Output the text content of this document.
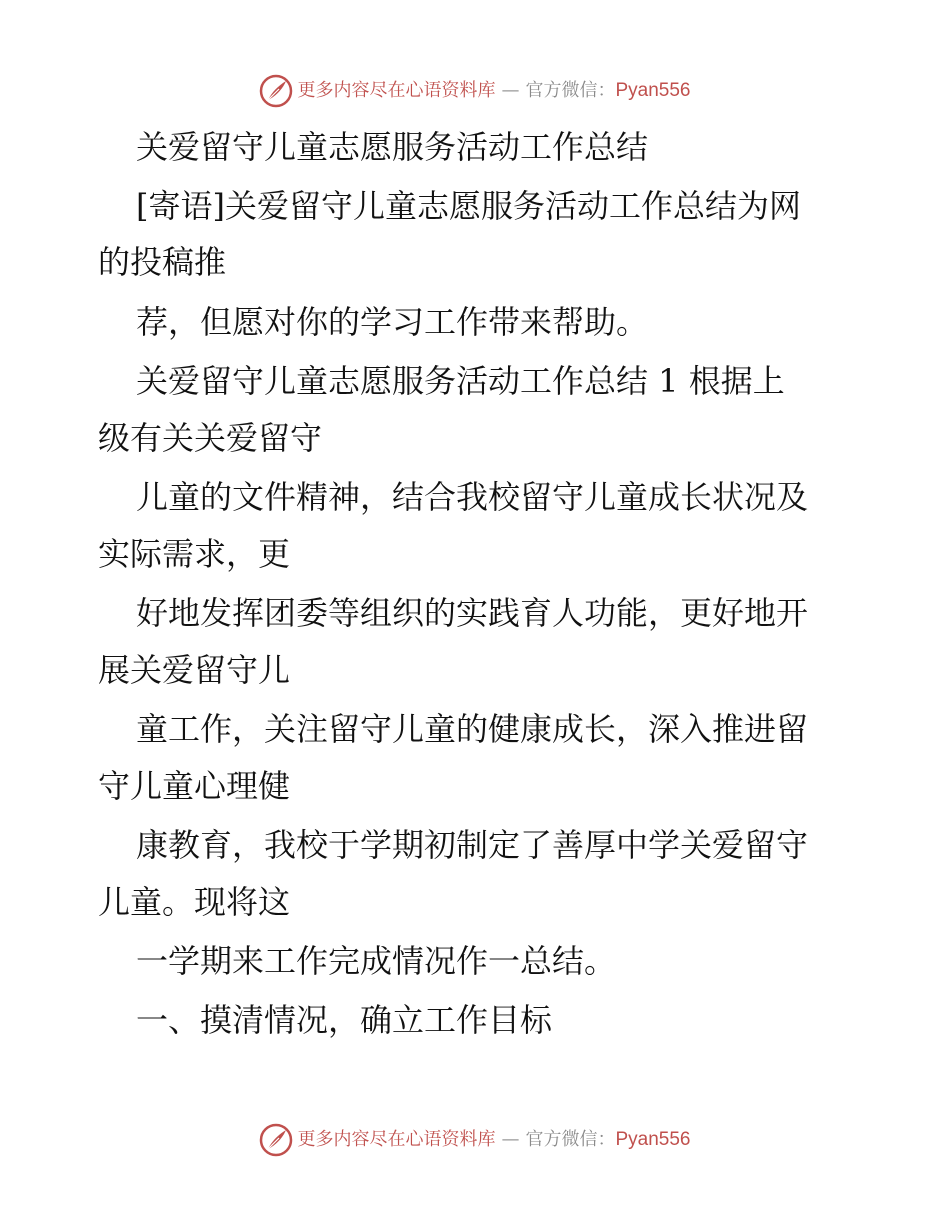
更多内容尽在心语资料库 — 官方微信：Pyan556
关爱留守儿童志愿服务活动工作总结
[寄语]关爱留守儿童志愿服务活动工作总结为网
的投稿推
荐，但愿对你的学习工作带来帮助。
关爱留守儿童志愿服务活动工作总结 1 根据上
级有关关爱留守
儿童的文件精神，结合我校留守儿童成长状况及
实际需求，更
好地发挥团委等组织的实践育人功能，更好地开
展关爱留守儿
童工作，关注留守儿童的健康成长，深入推进留
守儿童心理健
康教育，我校于学期初制定了善厚中学关爱留守
儿童。现将这
一学期来工作完成情况作一总结。
一、摸清情况，确立工作目标
更多内容尽在心语资料库 — 官方微信：Pyan556
